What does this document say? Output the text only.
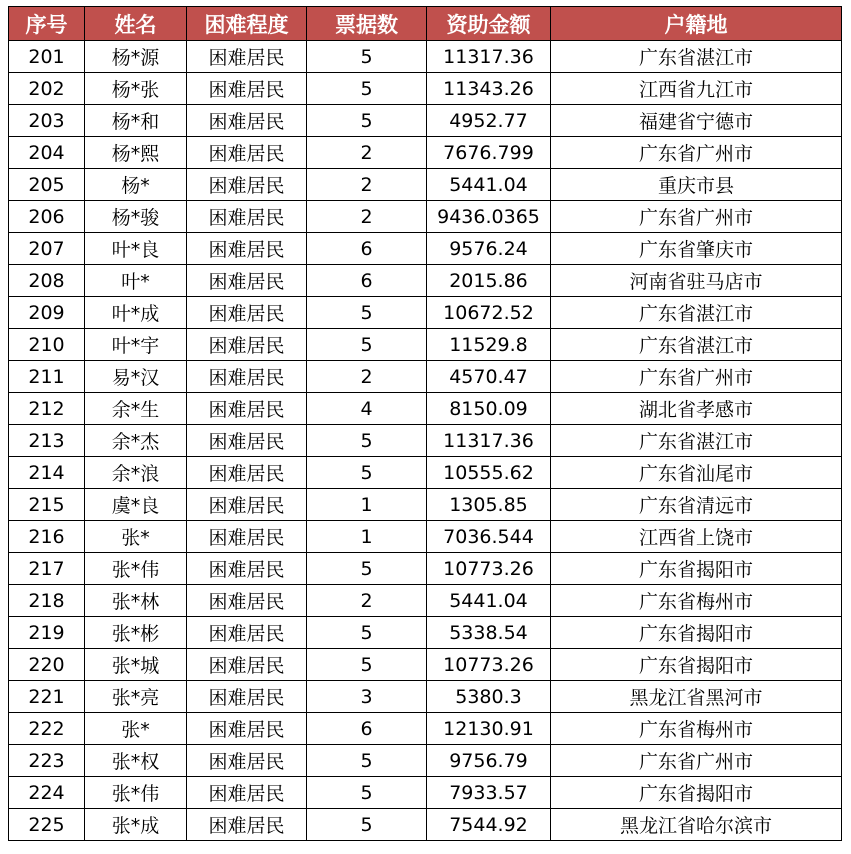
序号	姓名	困难程度	票据数	资助金额	户籍地
201	杨*源	困难居民	5	11317.36	广东省湛江市
202	杨*张	困难居民	5	11343.26	江西省九江市
203	杨*和	困难居民	5	4952.77	福建省宁德市
204	杨*熙	困难居民	2	7676.799	广东省广州市
205	杨*	困难居民	2	5441.04	重庆市县
206	杨*骏	困难居民	2	9436.0365	广东省广州市
207	叶*良	困难居民	6	9576.24	广东省肇庆市
208	叶*	困难居民	6	2015.86	河南省驻马店市
209	叶*成	困难居民	5	10672.52	广东省湛江市
210	叶*宇	困难居民	5	11529.8	广东省湛江市
211	易*汉	困难居民	2	4570.47	广东省广州市
212	余*生	困难居民	4	8150.09	湖北省孝感市
213	余*杰	困难居民	5	11317.36	广东省湛江市
214	余*浪	困难居民	5	10555.62	广东省汕尾市
215	虞*良	困难居民	1	1305.85	广东省清远市
216	张*	困难居民	1	7036.544	江西省上饶市
217	张*伟	困难居民	5	10773.26	广东省揭阳市
218	张*林	困难居民	2	5441.04	广东省梅州市
219	张*彬	困难居民	5	5338.54	广东省揭阳市
220	张*城	困难居民	5	10773.26	广东省揭阳市
221	张*亮	困难居民	3	5380.3	黑龙江省黑河市
222	张*	困难居民	6	12130.91	广东省梅州市
223	张*权	困难居民	5	9756.79	广东省广州市
224	张*伟	困难居民	5	7933.57	广东省揭阳市
225	张*成	困难居民	5	7544.92	黑龙江省哈尔滨市
